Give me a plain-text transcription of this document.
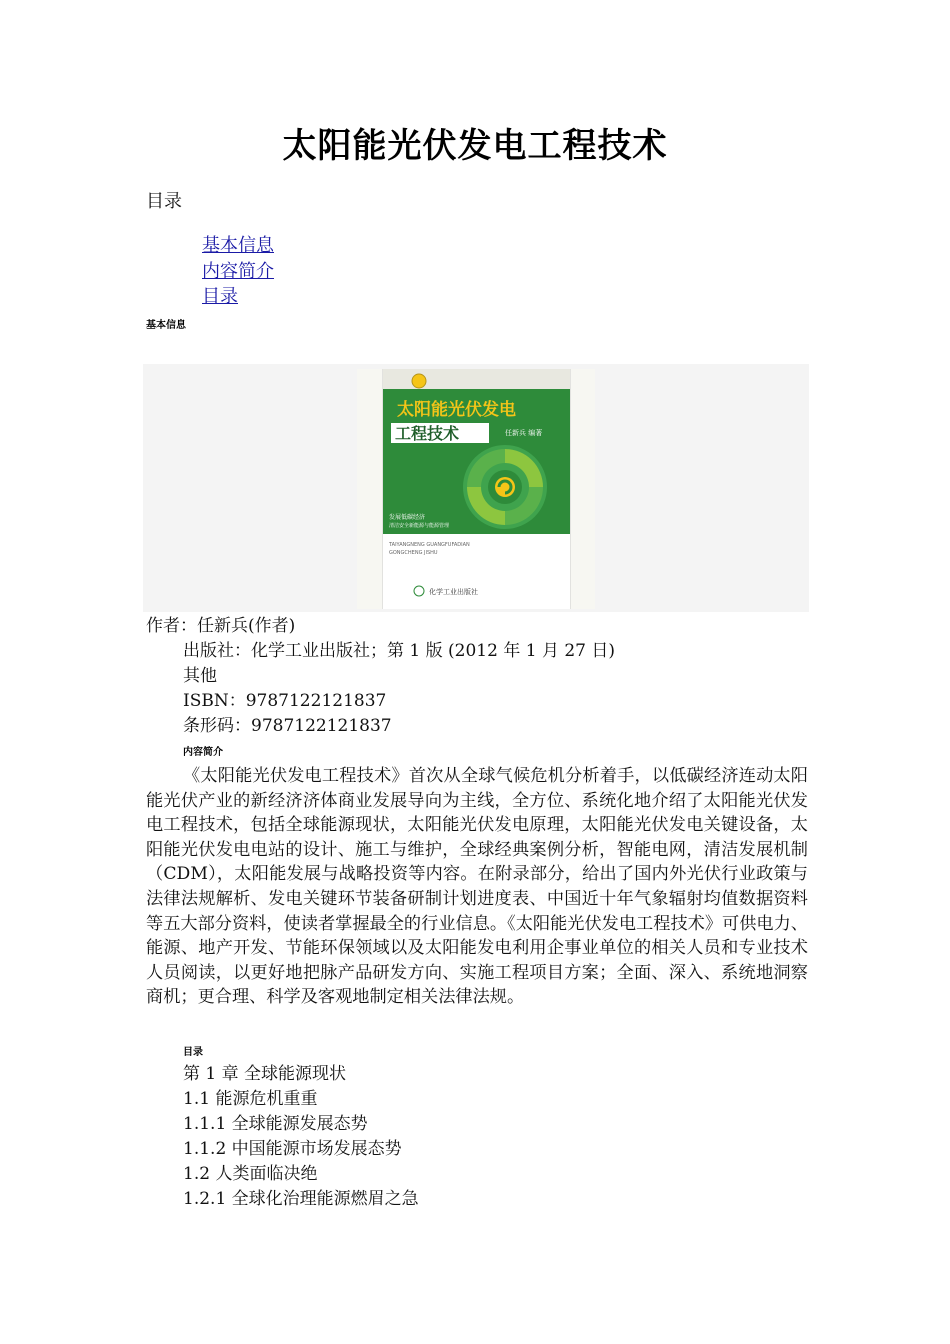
太阳能光伏发电工程技术
目录
基本信息
内容简介
目录
基本信息
太阳能光伏发电
工程技术	任新兵 编著
发展低碳经济
清洁安全新能源与能源管理
TAIYANGNENG GUANGFUFADIAN
GONGCHENG JISHU
化学工业出版社
作者：任新兵(作者)
出版社：化学工业出版社；第 1 版 (2012 年 1 月 27 日)
其他
ISBN：9787122121837
条形码：9787122121837
内容简介
《太阳能光伏发电工程技术》首次从全球气候危机分析着手，以低碳经济连动太阳能光伏产业的新经济济体商业发展导向为主线，全方位、系统化地介绍了太阳能光伏发电工程技术，包括全球能源现状，太阳能光伏发电原理，太阳能光伏发电关键设备，太阳能光伏发电电站的设计、施工与维护，全球经典案例分析，智能电网，清洁发展机制（CDM），太阳能发展与战略投资等内容。在附录部分，给出了国内外光伏行业政策与法律法规解析、发电关键环节装备研制计划进度表、中国近十年气象辐射均值数据资料等五大部分资料，使读者掌握最全的行业信息。《太阳能光伏发电工程技术》可供电力、能源、地产开发、节能环保领域以及太阳能发电利用企事业单位的相关人员和专业技术人员阅读，以更好地把脉产品研发方向、实施工程项目方案；全面、深入、系统地洞察商机；更合理、科学及客观地制定相关法律法规。
目录
第 1 章 全球能源现状
1.1 能源危机重重
1.1.1 全球能源发展态势
1.1.2 中国能源市场发展态势
1.2 人类面临决绝
1.2.1 全球化治理能源燃眉之急
